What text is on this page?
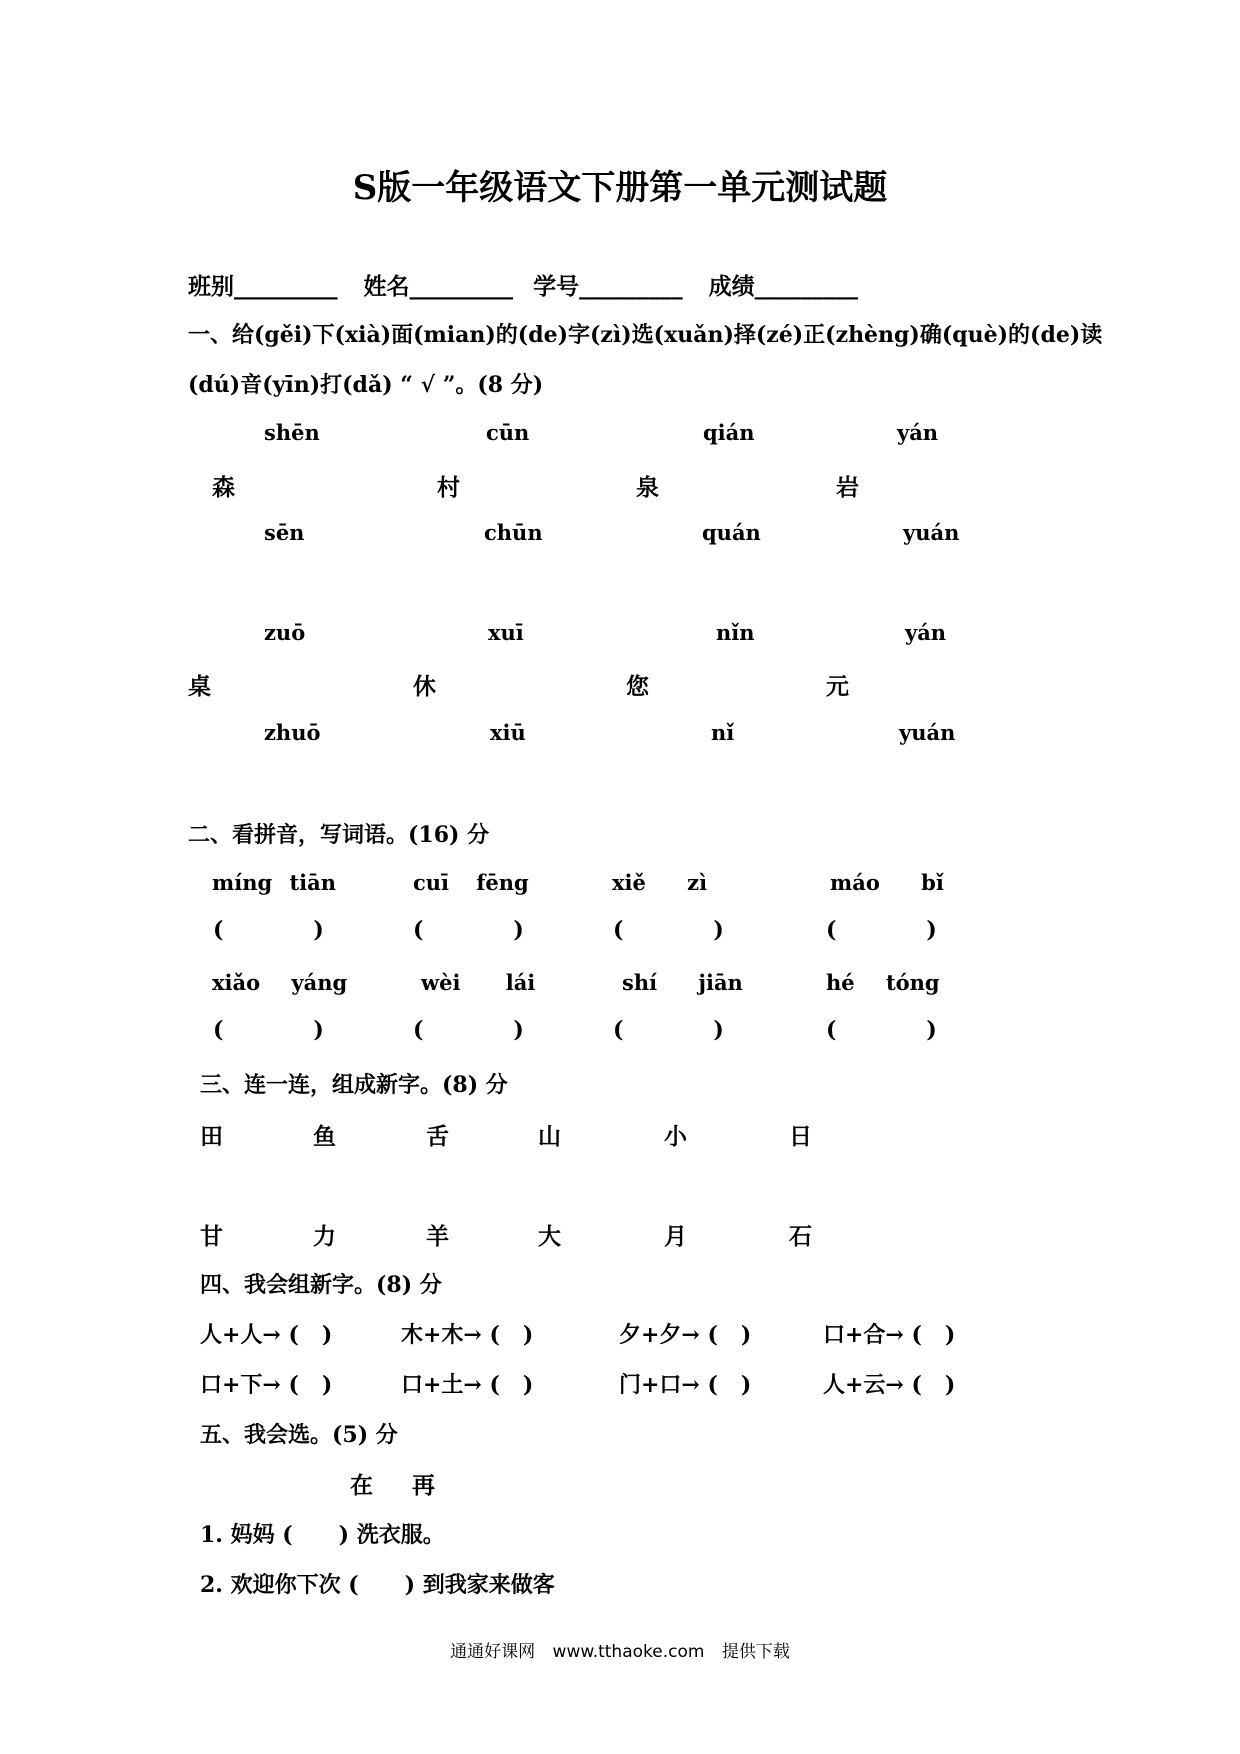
S版一年级语文下册第一单元测试题
班别_________ 姓名_________ 学号_________ 成绩_________
一、给(gěi)下(xià)面(mian)的(de)字(zì)选(xuǎn)择(zé)正(zhèng)确(què)的(de)读
(dú)音(yīn)打(dǎ) “ √ ”。(8 分)
shēn	cūn	qián	yán
森	村	泉	岩
sēn	chūn	quán	yuán
zuō	xuī	nǐn	yán
桌	休	您	元
zhuō	xiū	nǐ	yuán
二、看拼音，写词语。(16) 分
míng tiān	cuī fēng	xiě zì	máo bǐ
(	)	(	)	(	)	(	)
xiǎo yáng	wèi lái	shí jiān	hé tóng
(	)	(	)	(	)	(	)
三、连一连，组成新字。(8) 分
田	鱼	舌	山	小	日
甘	力	羊	大	月	石
四、我会组新字。(8) 分
人+人→ (   )	木+木→ (   )	夕+夕→ (   )	口+合→ (   )
口+下→ (   )	口+土→ (   )	门+口→ (   )	人+云→ (   )
五、我会选。(5) 分
在 再
1. 妈妈 (      ) 洗衣服。
2. 欢迎你下次 (      ) 到我家来做客
通通好课网 www.tthaoke.com 提供下载
